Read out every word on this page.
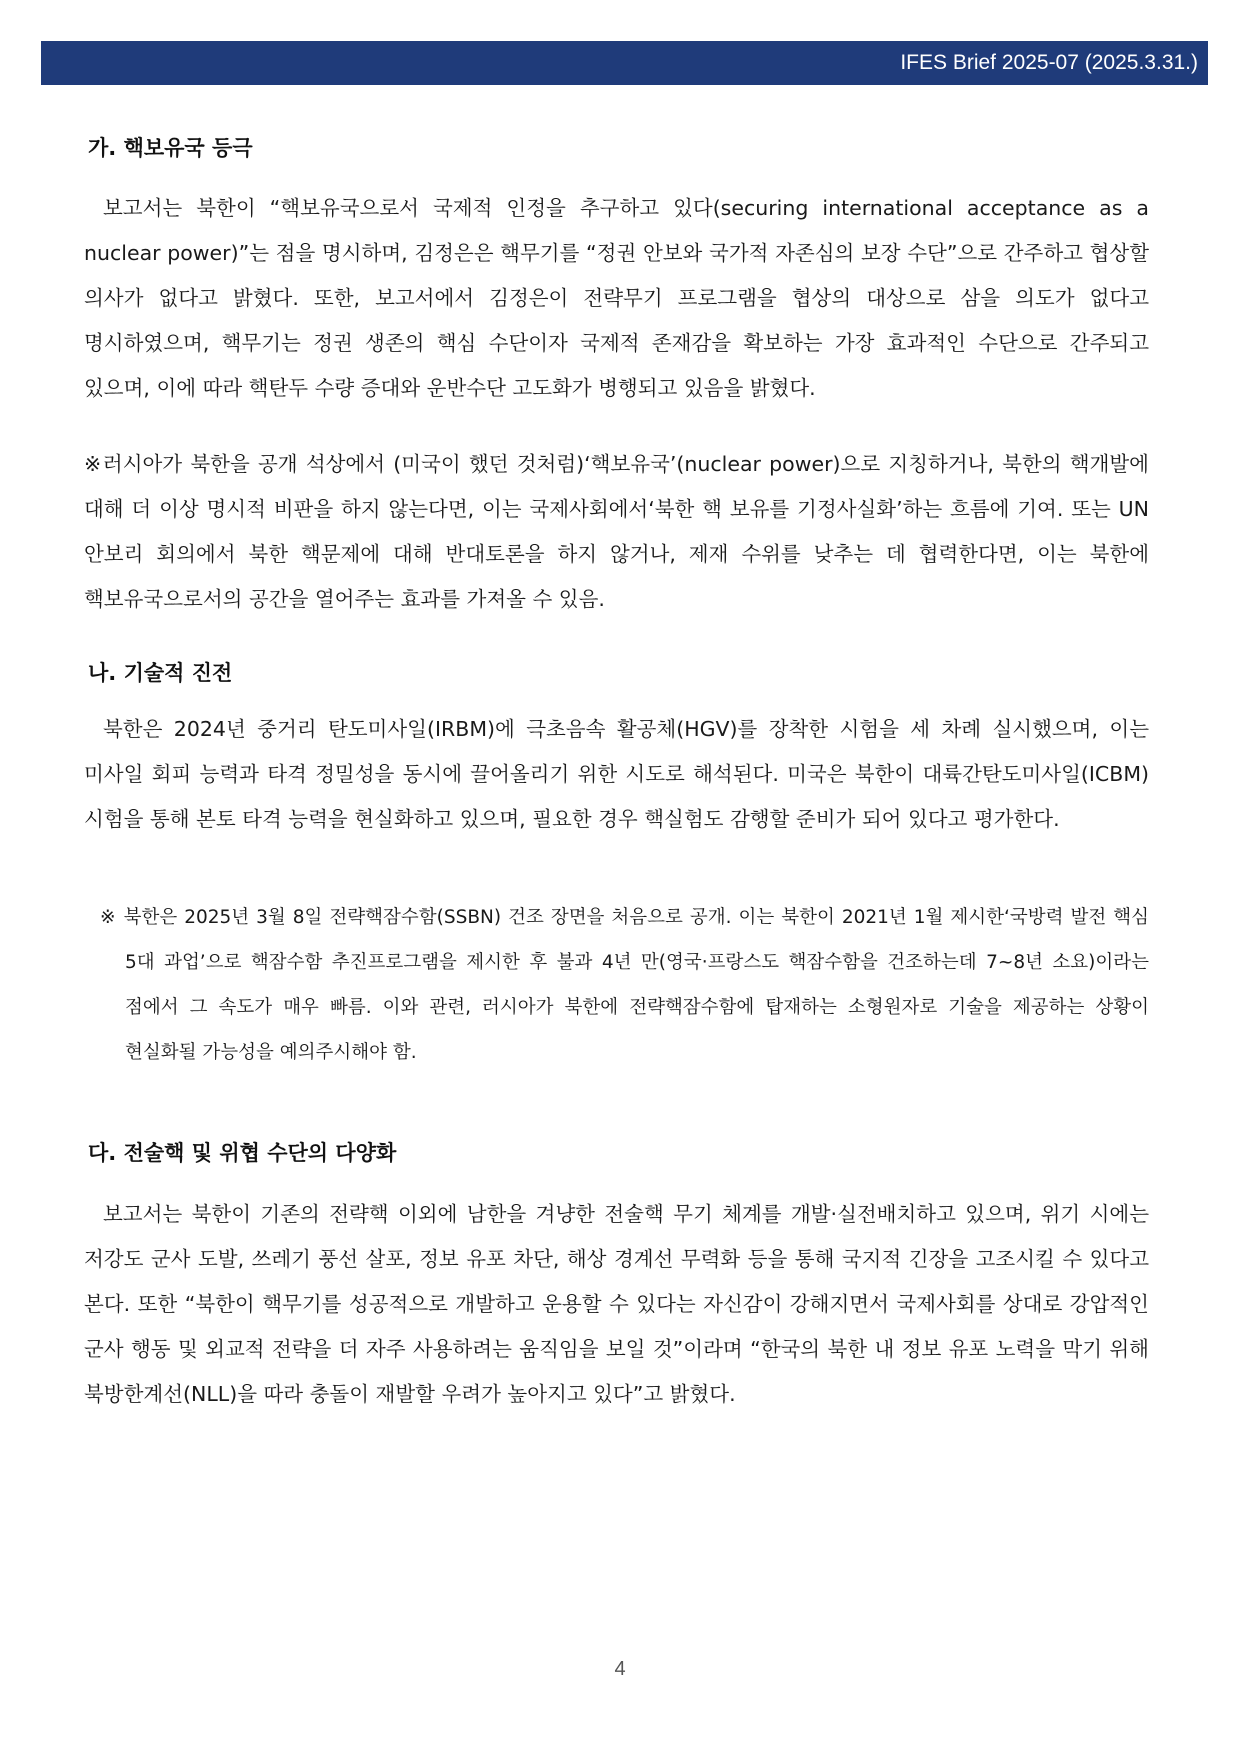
IFES Brief 2025-07 (2025.3.31.)
가. 핵보유국 등극

보고서는 북한이 “핵보유국으로서 국제적 인정을 추구하고 있다(securing international acceptance as a nuclear power)”는 점을 명시하며, 김정은은 핵무기를 “정권 안보와 국가적 자존심의 보장 수단”으로 간주하고 협상할 의사가 없다고 밝혔다. 또한, 보고서에서 김정은이 전략무기 프로그램을 협상의 대상으로 삼을 의도가 없다고 명시하였으며, 핵무기는 정권 생존의 핵심 수단이자 국제적 존재감을 확보하는 가장 효과적인 수단으로 간주되고 있으며, 이에 따라 핵탄두 수량 증대와 운반수단 고도화가 병행되고 있음을 밝혔다.

※러시아가 북한을 공개 석상에서 (미국이 했던 것처럼)‘핵보유국’(nuclear power)으로 지칭하거나, 북한의 핵개발에 대해 더 이상 명시적 비판을 하지 않는다면, 이는 국제사회에서‘북한 핵 보유를 기정사실화’하는 흐름에 기여. 또는 UN 안보리 회의에서 북한 핵문제에 대해 반대토론을 하지 않거나, 제재 수위를 낮추는 데 협력한다면, 이는 북한에 핵보유국으로서의 공간을 열어주는 효과를 가져올 수 있음.

나. 기술적 진전

북한은 2024년 중거리 탄도미사일(IRBM)에 극초음속 활공체(HGV)를 장착한 시험을 세 차례 실시했으며, 이는 미사일 회피 능력과 타격 정밀성을 동시에 끌어올리기 위한 시도로 해석된다. 미국은 북한이 대륙간탄도미사일(ICBM) 시험을 통해 본토 타격 능력을 현실화하고 있으며, 필요한 경우 핵실험도 감행할 준비가 되어 있다고 평가한다.

※ 북한은 2025년 3월 8일 전략핵잠수함(SSBN) 건조 장면을 처음으로 공개. 이는 북한이 2021년 1월 제시한‘국방력 발전 핵심 5대 과업’으로 핵잠수함 추진프로그램을 제시한 후 불과 4년 만(영국·프랑스도 핵잠수함을 건조하는데 7~8년 소요)이라는 점에서 그 속도가 매우 빠름. 이와 관련, 러시아가 북한에 전략핵잠수함에 탑재하는 소형원자로 기술을 제공하는 상황이 현실화될 가능성을 예의주시해야 함.

다. 전술핵 및 위협 수단의 다양화

보고서는 북한이 기존의 전략핵 이외에 남한을 겨냥한 전술핵 무기 체계를 개발·실전배치하고 있으며, 위기 시에는 저강도 군사 도발, 쓰레기 풍선 살포, 정보 유포 차단, 해상 경계선 무력화 등을 통해 국지적 긴장을 고조시킬 수 있다고 본다. 또한 “북한이 핵무기를 성공적으로 개발하고 운용할 수 있다는 자신감이 강해지면서 국제사회를 상대로 강압적인 군사 행동 및 외교적 전략을 더 자주 사용하려는 움직임을 보일 것”이라며 “한국의 북한 내 정보 유포 노력을 막기 위해 북방한계선(NLL)을 따라 충돌이 재발할 우려가 높아지고 있다”고 밝혔다.

4
